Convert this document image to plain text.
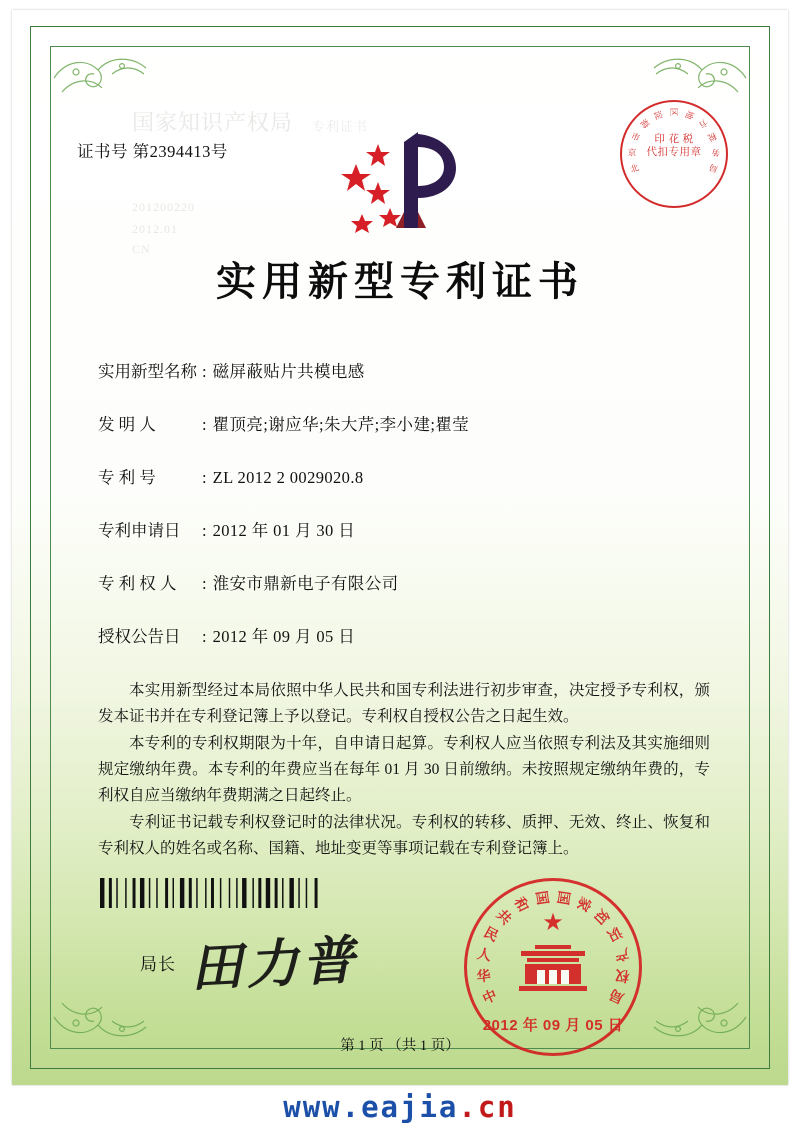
国家知识产权局
201200220
2012.01
CN
专利证书
证书号 第2394413号
北
京
市
海
淀 区 地
方
税
务
局
印 花 税
代扣专用章
实用新型专利证书
实用新型名称 : 磁屏蔽贴片共模电感
发 明 人	: 瞿顶亮;谢应华;朱大芹;李小建;瞿莹
专 利 号	: ZL 2012 2 0029020.8
专利申请日	: 2012 年 01 月 30 日
专 利 权 人	: 淮安市鼎新电子有限公司
授权公告日	: 2012 年 09 月 05 日

本实用新型经过本局依照中华人民共和国专利法进行初步审查，决定授予专利权，颁发本证书并在专利登记簿上予以登记。专利权自授权公告之日起生效。

本专利的专利权期限为十年，自申请日起算。专利权人应当依照专利法及其实施细则规定缴纳年费。本专利的年费应当在每年 01 月 30 日前缴纳。未按照规定缴纳年费的，专利权自应当缴纳年费期满之日起终止。

专利证书记载专利权登记时的法律状况。专利权的转移、质押、无效、终止、恢复和专利权人的姓名或名称、国籍、地址变更等事项记载在专利登记簿上。

局长 田力普	中
华
人
民
共
和 国 国 家
知
识
产
权
局
★
2012 年 09 月 05 日
第 1 页 （共 1 页）
www.eajia.cn
